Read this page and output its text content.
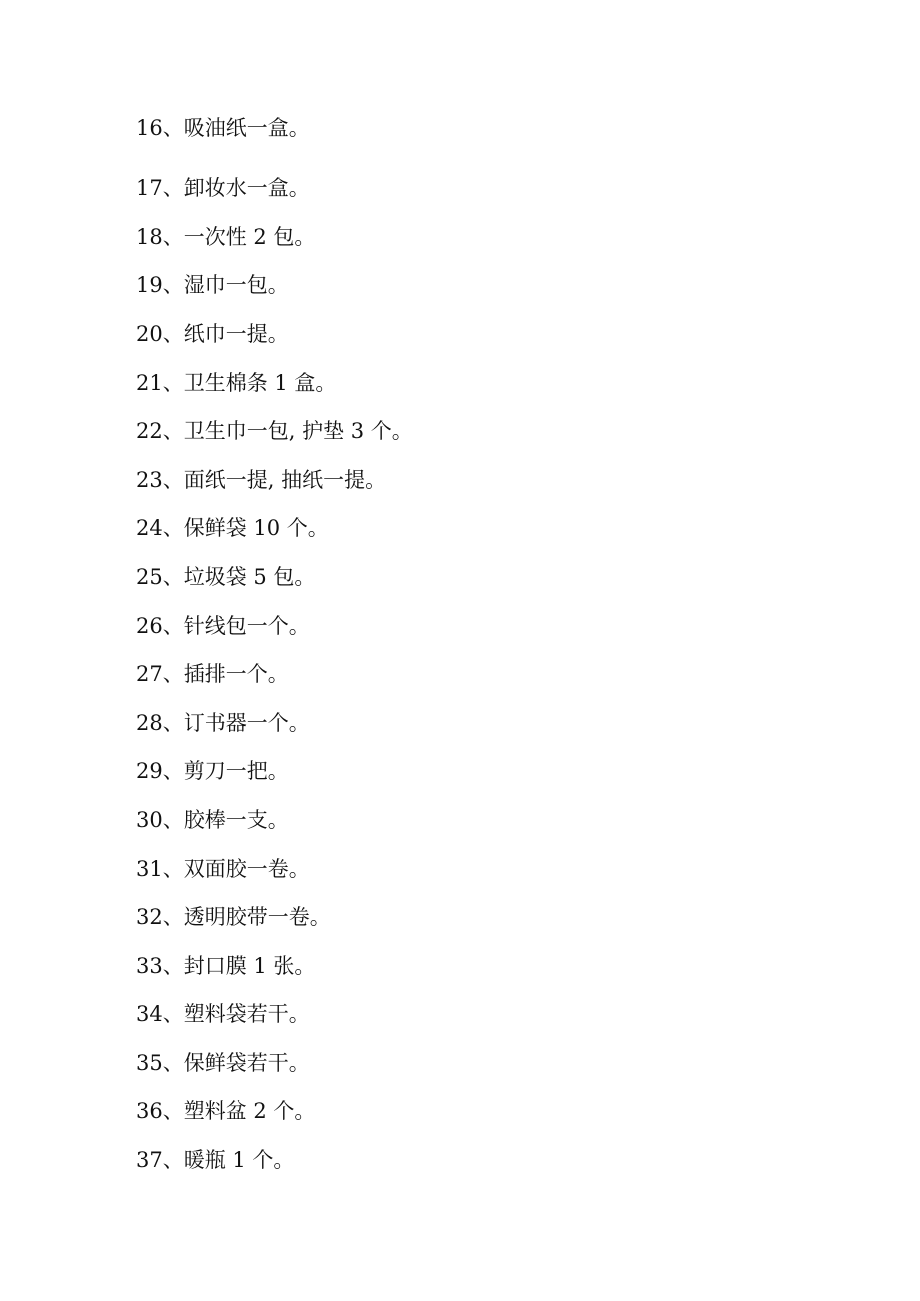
16、吸油纸一盒。
17、卸妆水一盒。
18、一次性 2 包。
19、湿巾一包。
20、纸巾一提。
21、卫生棉条 1 盒。
22、卫生巾一包, 护垫 3 个。
23、面纸一提, 抽纸一提。
24、保鲜袋 10 个。
25、垃圾袋 5 包。
26、针线包一个。
27、插排一个。
28、订书器一个。
29、剪刀一把。
30、胶棒一支。
31、双面胶一卷。
32、透明胶带一卷。
33、封口膜 1 张。
34、塑料袋若干。
35、保鲜袋若干。
36、塑料盆 2 个。
37、暖瓶 1 个。
